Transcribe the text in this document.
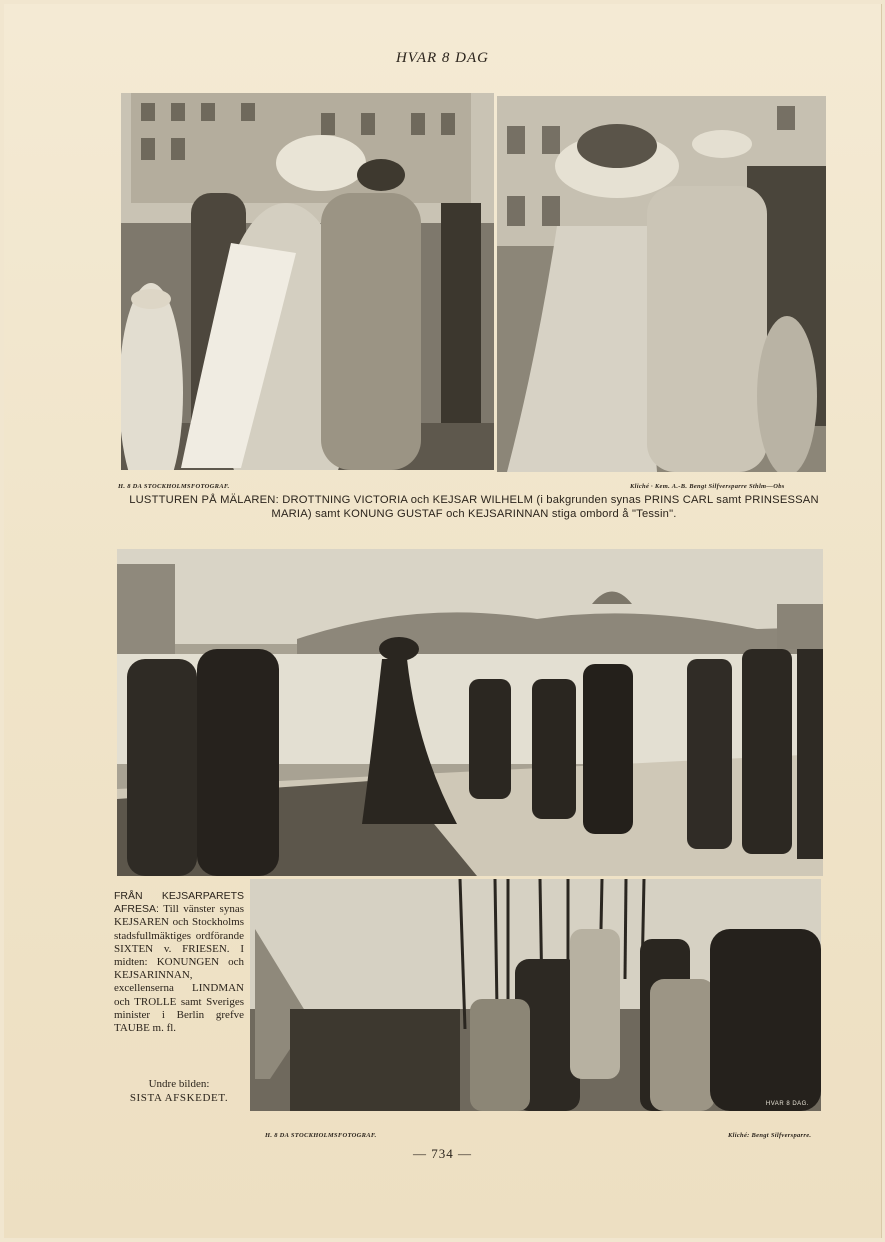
HVAR 8 DAG
H. 8 DA STOCKHOLMSFOTOGRAF.	Kliché · Kem. A.-B. Bengt Silfversparre Sthlm—Obs
LUSTTUREN PÅ MÄLAREN: DROTTNING VICTORIA och KEJSAR WILHELM (i bakgrunden synas PRINS CARL samt PRINSESSAN MARIA) samt KONUNG GUSTAF och KEJSARINNAN stiga ombord å "Tessin".
HVAR 8 DAG.
FRÅN KEJSARPARETS AFRESA: Till vänster synas KEJSAREN och Stockholms stadsfullmäktiges ordförande SIXTEN v. FRIESEN. I midten: KONUNGEN och KEJSARINNAN, excellenserna LINDMAN och TROLLE samt Sveriges minister i Berlin grefve TAUBE m. fl.
Undre bilden:
SISTA AFSKEDET.
H. 8 DA STOCKHOLMSFOTOGRAF.	Kliché: Bengt Silfversparre.
— 734 —
